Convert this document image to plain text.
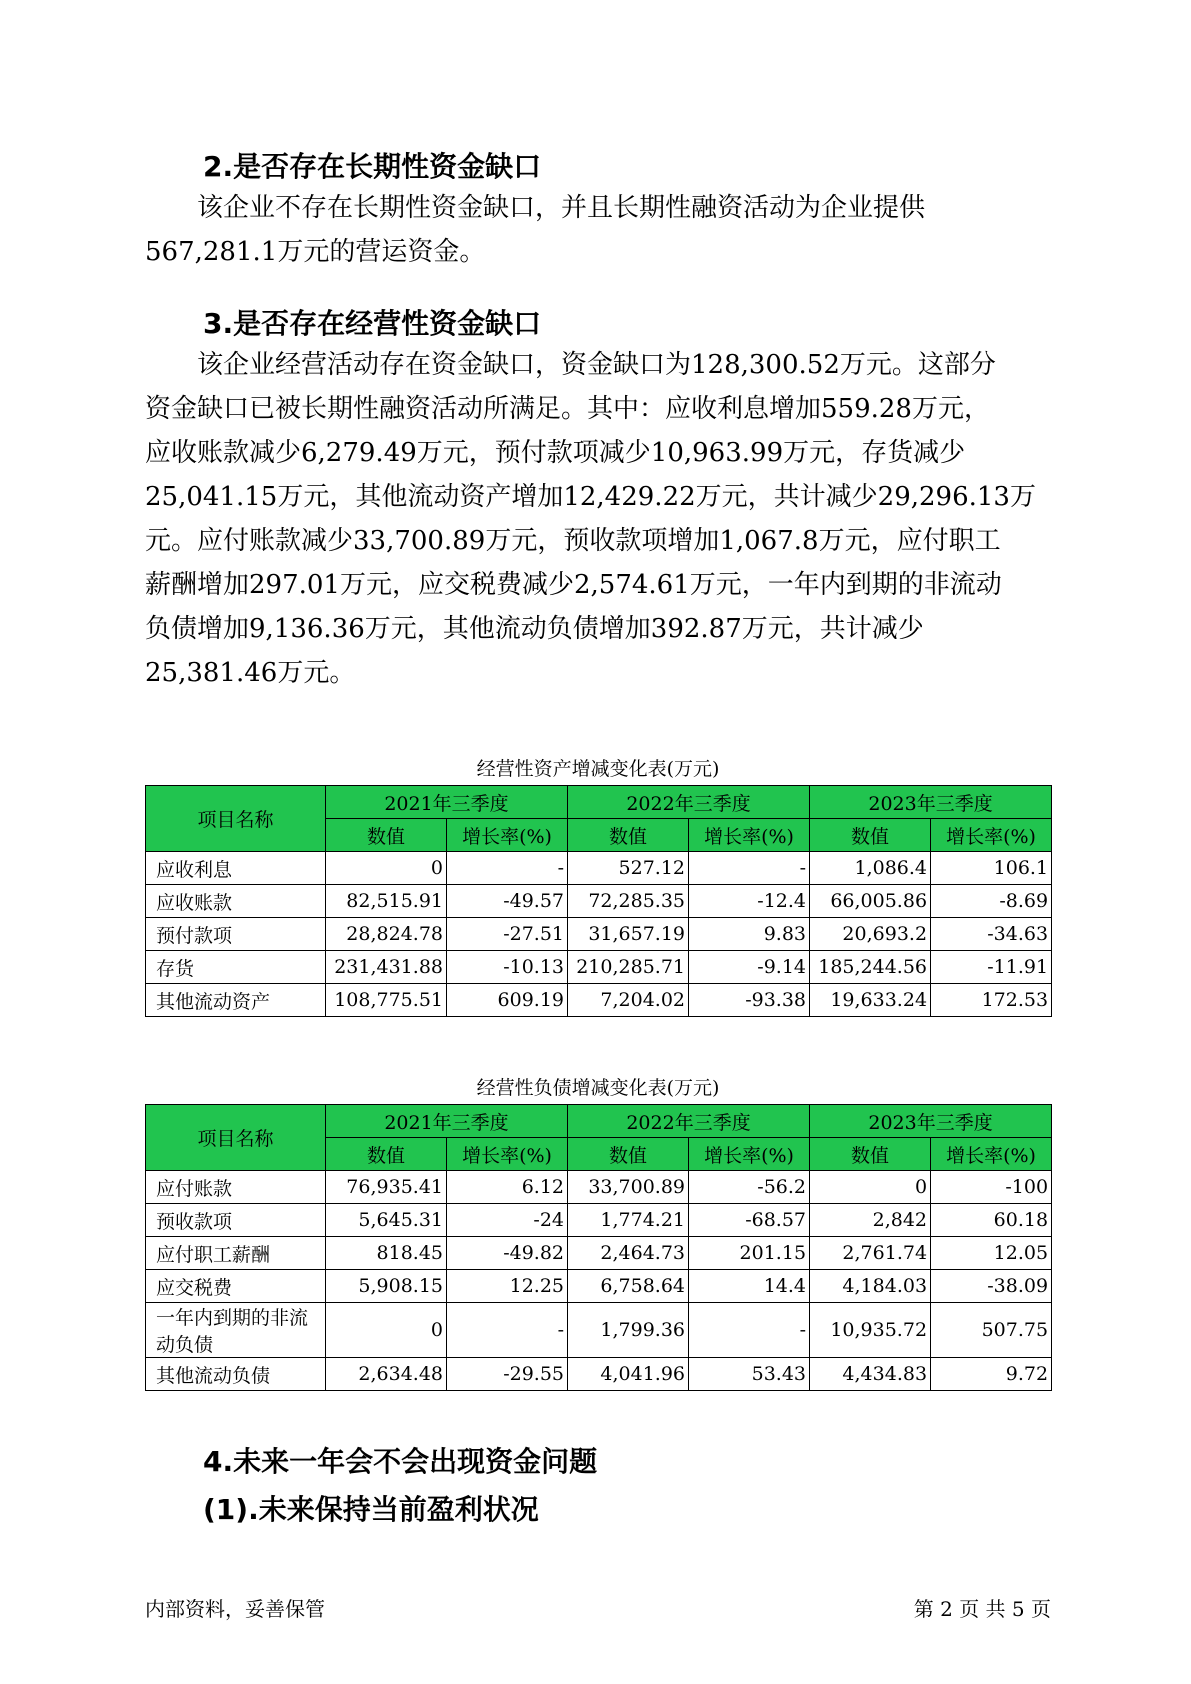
2.是否存在长期性资金缺口

该企业不存在长期性资金缺口，并且长期性融资活动为企业提供

567,281.1万元的营运资金。

3.是否存在经营性资金缺口

该企业经营活动存在资金缺口，资金缺口为128,300.52万元。这部分

资金缺口已被长期性融资活动所满足。其中：应收利息增加559.28万元，

应收账款减少6,279.49万元，预付款项减少10,963.99万元，存货减少

25,041.15万元，其他流动资产增加12,429.22万元，共计减少29,296.13万

元。应付账款减少33,700.89万元，预收款项增加1,067.8万元，应付职工

薪酬增加297.01万元，应交税费减少2,574.61万元，一年内到期的非流动

负债增加9,136.36万元，其他流动负债增加392.87万元，共计减少

25,381.46万元。

经营性资产增减变化表(万元)
项目名称	2021年三季度		2022年三季度		2023年三季度	
	数值	增长率(%)	数值	增长率(%)	数值	增长率(%)
应收利息	0	-	527.12	-	1,086.4	106.1
应收账款	82,515.91	-49.57	72,285.35	-12.4	66,005.86	-8.69
预付款项	28,824.78	-27.51	31,657.19	9.83	20,693.2	-34.63
存货	231,431.88	-10.13	210,285.71	-9.14	185,244.56	-11.91
其他流动资产	108,775.51	609.19	7,204.02	-93.38	19,633.24	172.53
经营性负债增减变化表(万元)
项目名称	2021年三季度		2022年三季度		2023年三季度	
	数值	增长率(%)	数值	增长率(%)	数值	增长率(%)
应付账款	76,935.41	6.12	33,700.89	-56.2	0	-100
预收款项	5,645.31	-24	1,774.21	-68.57	2,842	60.18
应付职工薪酬	818.45	-49.82	2,464.73	201.15	2,761.74	12.05
应交税费	5,908.15	12.25	6,758.64	14.4	4,184.03	-38.09
一年内到期的非流动负债	0	-	1,799.36	-	10,935.72	507.75
其他流动负债	2,634.48	-29.55	4,041.96	53.43	4,434.83	9.72
4.未来一年会不会出现资金问题
(1).未来保持当前盈利状况
内部资料，妥善保管	第 2 页 共 5 页
